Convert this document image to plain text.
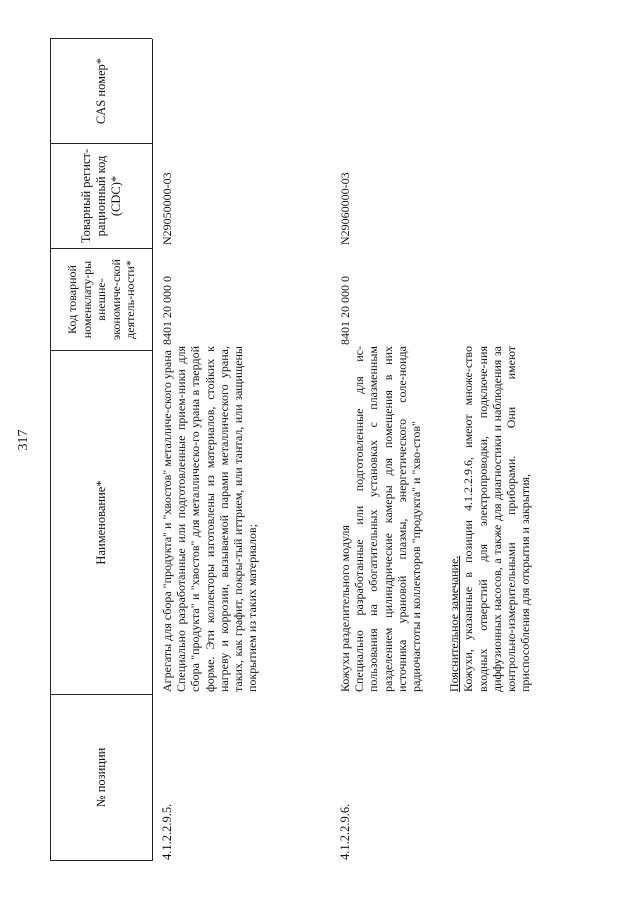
317
№ позиции
Наименование*
Код товарной номенклату-ры внешне-экономиче-ской деятель-ности*
Товарный регист-рационный код (CDC)*
CAS номер*
4.1.2.2.9.5.

Агрегаты для сбора "продукта" и "хвостов" металличе-ского урана Специально разработанные или подготовленные прием-ники для сбора "продукта" и "хвостов" для металлическо-го урана в твердой форме. Эти коллекторы изготовлены из материалов, стойких к нагреву и коррозии, вызываемой парами металлического урана, таких, как графит, покры-тый иттрием, или тантал, или защищены покрытием из таких материалов;

8401 20 000 0
N29050000-03
4.1.2.2.9.6.

Кожухи разделительного модуля Специально разработанные или подготовленные для ис-пользования на обогатительных установках с плазменным разделением цилиндрические камеры для помещения в них источника урановой плазмы, энергетического соле-ноида радиочастоты и коллекторов "продукта" и "хво-стов" Пояснительное замечание. Кожухи, указанные в позиции 4.1.2.2.9.6, имеют множе-ство входных отверстий для электропроводки, подключе-ния диффузионных насосов, а также для диагностики и наблюдения за контрольно-измерительными приборами. Они имеют приспособления для открытия и закрытия,

8401 20 000 0
N29060000-03
